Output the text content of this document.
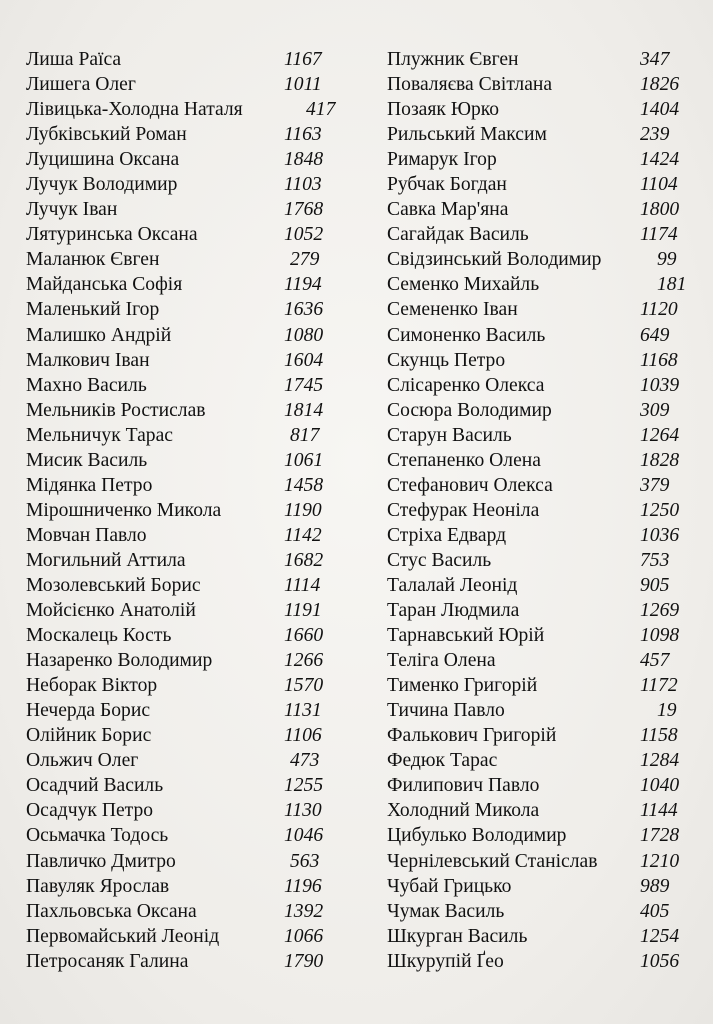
Лиша Раїса	1167
Лишега Олег	1011
Лівицька-Холодна Наталя	417
Лубківський Роман	1163
Луцишина Оксана	1848
Лучук Володимир	1103
Лучук Іван	1768
Лятуринська Оксана	1052
Маланюк Євген	279
Майданська Софія	1194
Маленький Ігор	1636
Малишко Андрій	1080
Малкович Іван	1604
Махно Василь	1745
Мельників Ростислав	1814
Мельничук Тарас	817
Мисик Василь	1061
Мідянка Петро	1458
Мірошниченко Микола	1190
Мовчан Павло	1142
Могильний Аттила	1682
Мозолевський Борис	1114
Мойсієнко Анатолій	1191
Москалець Кость	1660
Назаренко Володимир	1266
Неборак Віктор	1570
Нечерда Борис	1131
Олійник Борис	1106
Ольжич Олег	473
Осадчий Василь	1255
Осадчук Петро	1130
Осьмачка Тодось	1046
Павличко Дмитро	563
Павуляк Ярослав	1196
Пахльовська Оксана	1392
Первомайський Леонід	1066
Петросаняк Галина	1790
Плужник Євген	347
Поваляєва Світлана	1826
Позаяк Юрко	1404
Рильський Максим	239
Римарук Ігор	1424
Рубчак Богдан	1104
Савка Мар'яна	1800
Сагайдак Василь	1174
Свідзинський Володимир	99
Семенко Михайль	181
Семененко Іван	1120
Симоненко Василь	649
Скунць Петро	1168
Слісаренко Олекса	1039
Сосюра Володимир	309
Старун Василь	1264
Степаненко Олена	1828
Стефанович Олекса	379
Стефурак Неоніла	1250
Стріха Едвард	1036
Стус Василь	753
Талалай Леонід	905
Таран Людмила	1269
Тарнавський Юрій	1098
Теліга Олена	457
Тименко Григорій	1172
Тичина Павло	19
Фалькович Григорій	1158
Федюк Тарас	1284
Филипович Павло	1040
Холодний Микола	1144
Цибулько Володимир	1728
Чернілевський Станіслав 1210
Чубай Грицько	989
Чумак Василь	405
Шкурган Василь	1254
Шкурупій Ґео	1056
